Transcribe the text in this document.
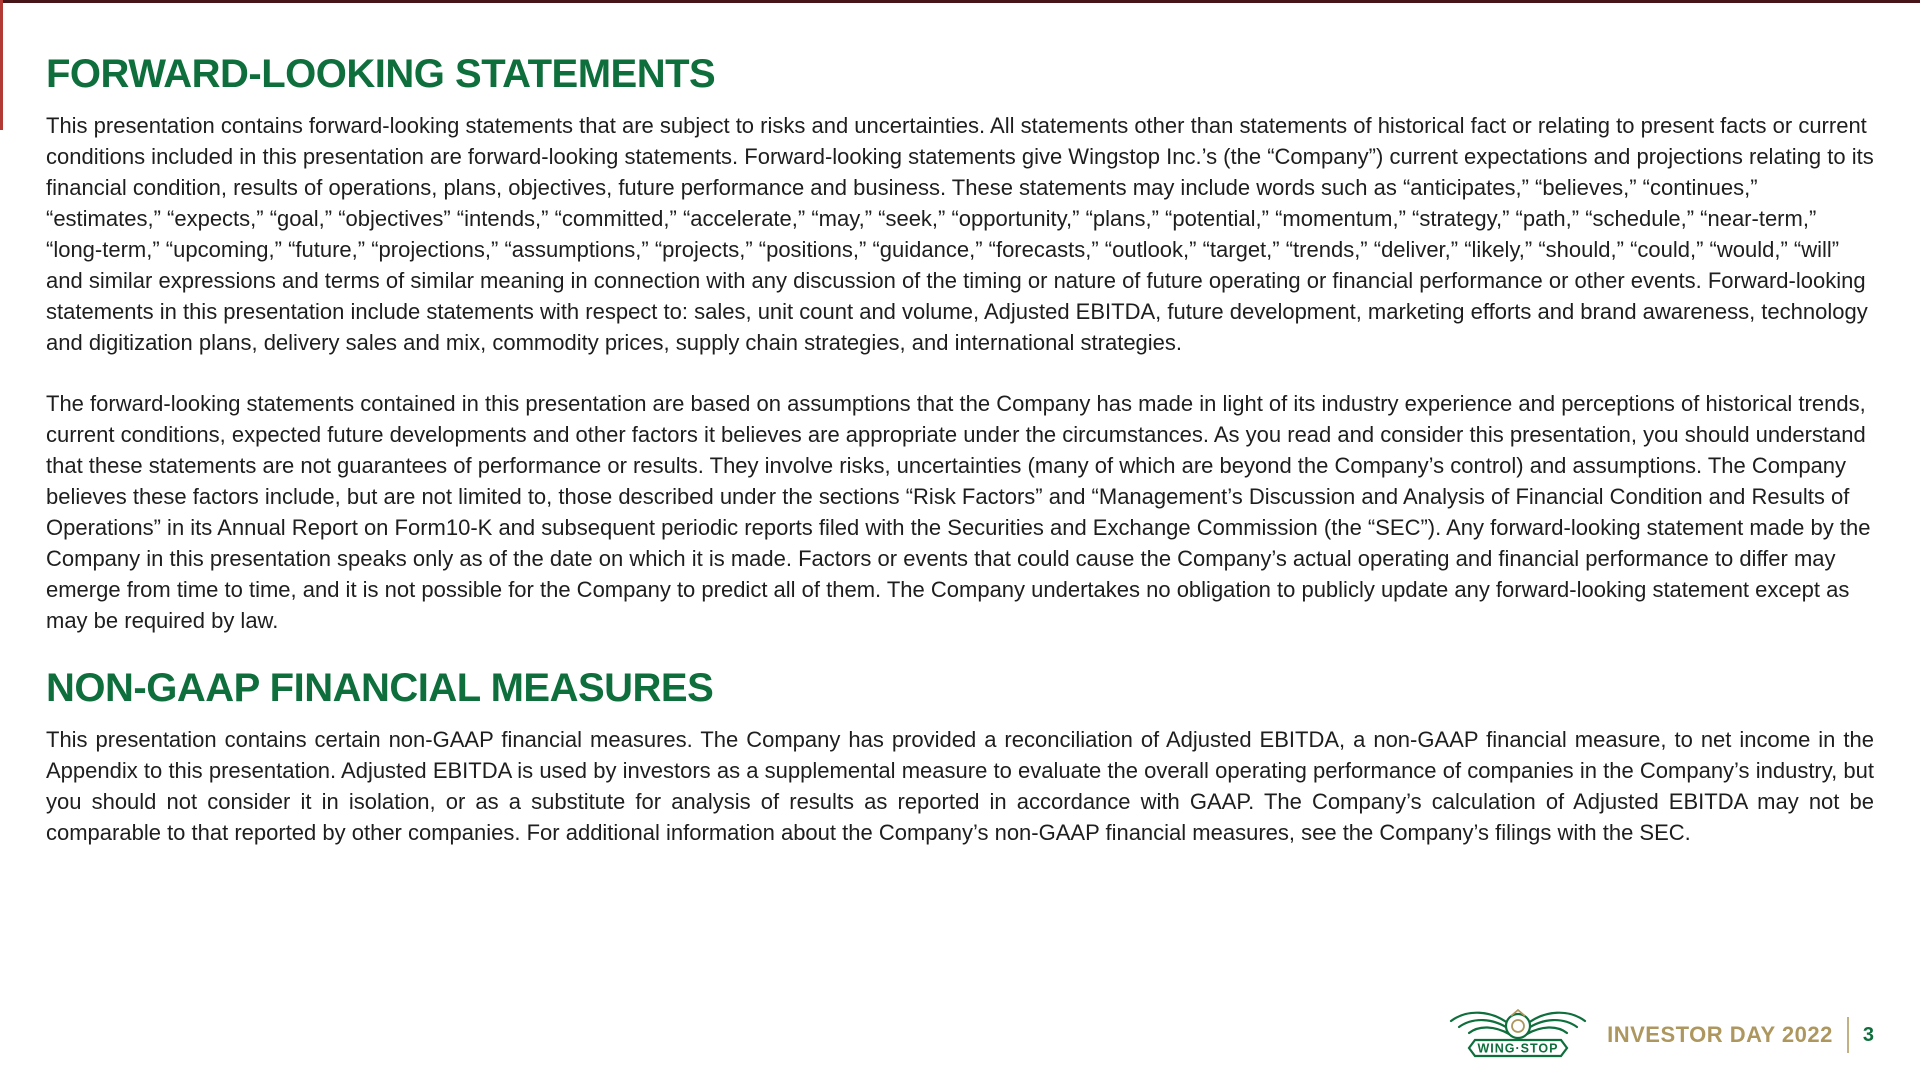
FORWARD-LOOKING STATEMENTS

This presentation contains forward-looking statements that are subject to risks and uncertainties. All statements other than statements of historical fact or relating to present facts or current conditions included in this presentation are forward-looking statements. Forward-looking statements give Wingstop Inc.’s (the “Company”) current expectations and projections relating to its financial condition, results of operations, plans, objectives, future performance and business. These statements may include words such as “anticipates,” “believes,” “continues,” “estimates,” “expects,” “goal,” “objectives” “intends,” “committed,” “accelerate,” “may,” “seek,” “opportunity,” “plans,” “potential,” “momentum,” “strategy,” “path,” “schedule,” “near-term,” “long-term,” “upcoming,” “future,” “projections,” “assumptions,” “projects,” “positions,” “guidance,” “forecasts,” “outlook,” “target,” “trends,” “deliver,” “likely,” “should,” “could,” “would,” “will” and similar expressions and terms of similar meaning in connection with any discussion of the timing or nature of future operating or financial performance or other events. Forward-looking statements in this presentation include statements with respect to: sales, unit count and volume, Adjusted EBITDA, future development, marketing efforts and brand awareness, technology and digitization plans, delivery sales and mix, commodity prices, supply chain strategies, and international strategies.

The forward-looking statements contained in this presentation are based on assumptions that the Company has made in light of its industry experience and perceptions of historical trends, current conditions, expected future developments and other factors it believes are appropriate under the circumstances. As you read and consider this presentation, you should understand that these statements are not guarantees of performance or results. They involve risks, uncertainties (many of which are beyond the Company’s control) and assumptions. The Company believes these factors include, but are not limited to, those described under the sections “Risk Factors” and “Management’s Discussion and Analysis of Financial Condition and Results of Operations” in its Annual Report on Form10-K and subsequent periodic reports filed with the Securities and Exchange Commission (the “SEC”). Any forward-looking statement made by the Company in this presentation speaks only as of the date on which it is made. Factors or events that could cause the Company’s actual operating and financial performance to differ may emerge from time to time, and it is not possible for the Company to predict all of them. The Company undertakes no obligation to publicly update any forward-looking statement except as may be required by law.

NON-GAAP FINANCIAL MEASURES

This presentation contains certain non-GAAP financial measures. The Company has provided a reconciliation of Adjusted EBITDA, a non-GAAP financial measure, to net income in the Appendix to this presentation. Adjusted EBITDA is used by investors as a supplemental measure to evaluate the overall operating performance of companies in the Company’s industry, but you should not consider it in isolation, or as a substitute for analysis of results as reported in accordance with GAAP. The Company’s calculation of Adjusted EBITDA may not be comparable to that reported by other companies. For additional information about the Company’s non-GAAP financial measures, see the Company’s filings with the SEC.

WING·STOP
INVESTOR DAY 2022 3
